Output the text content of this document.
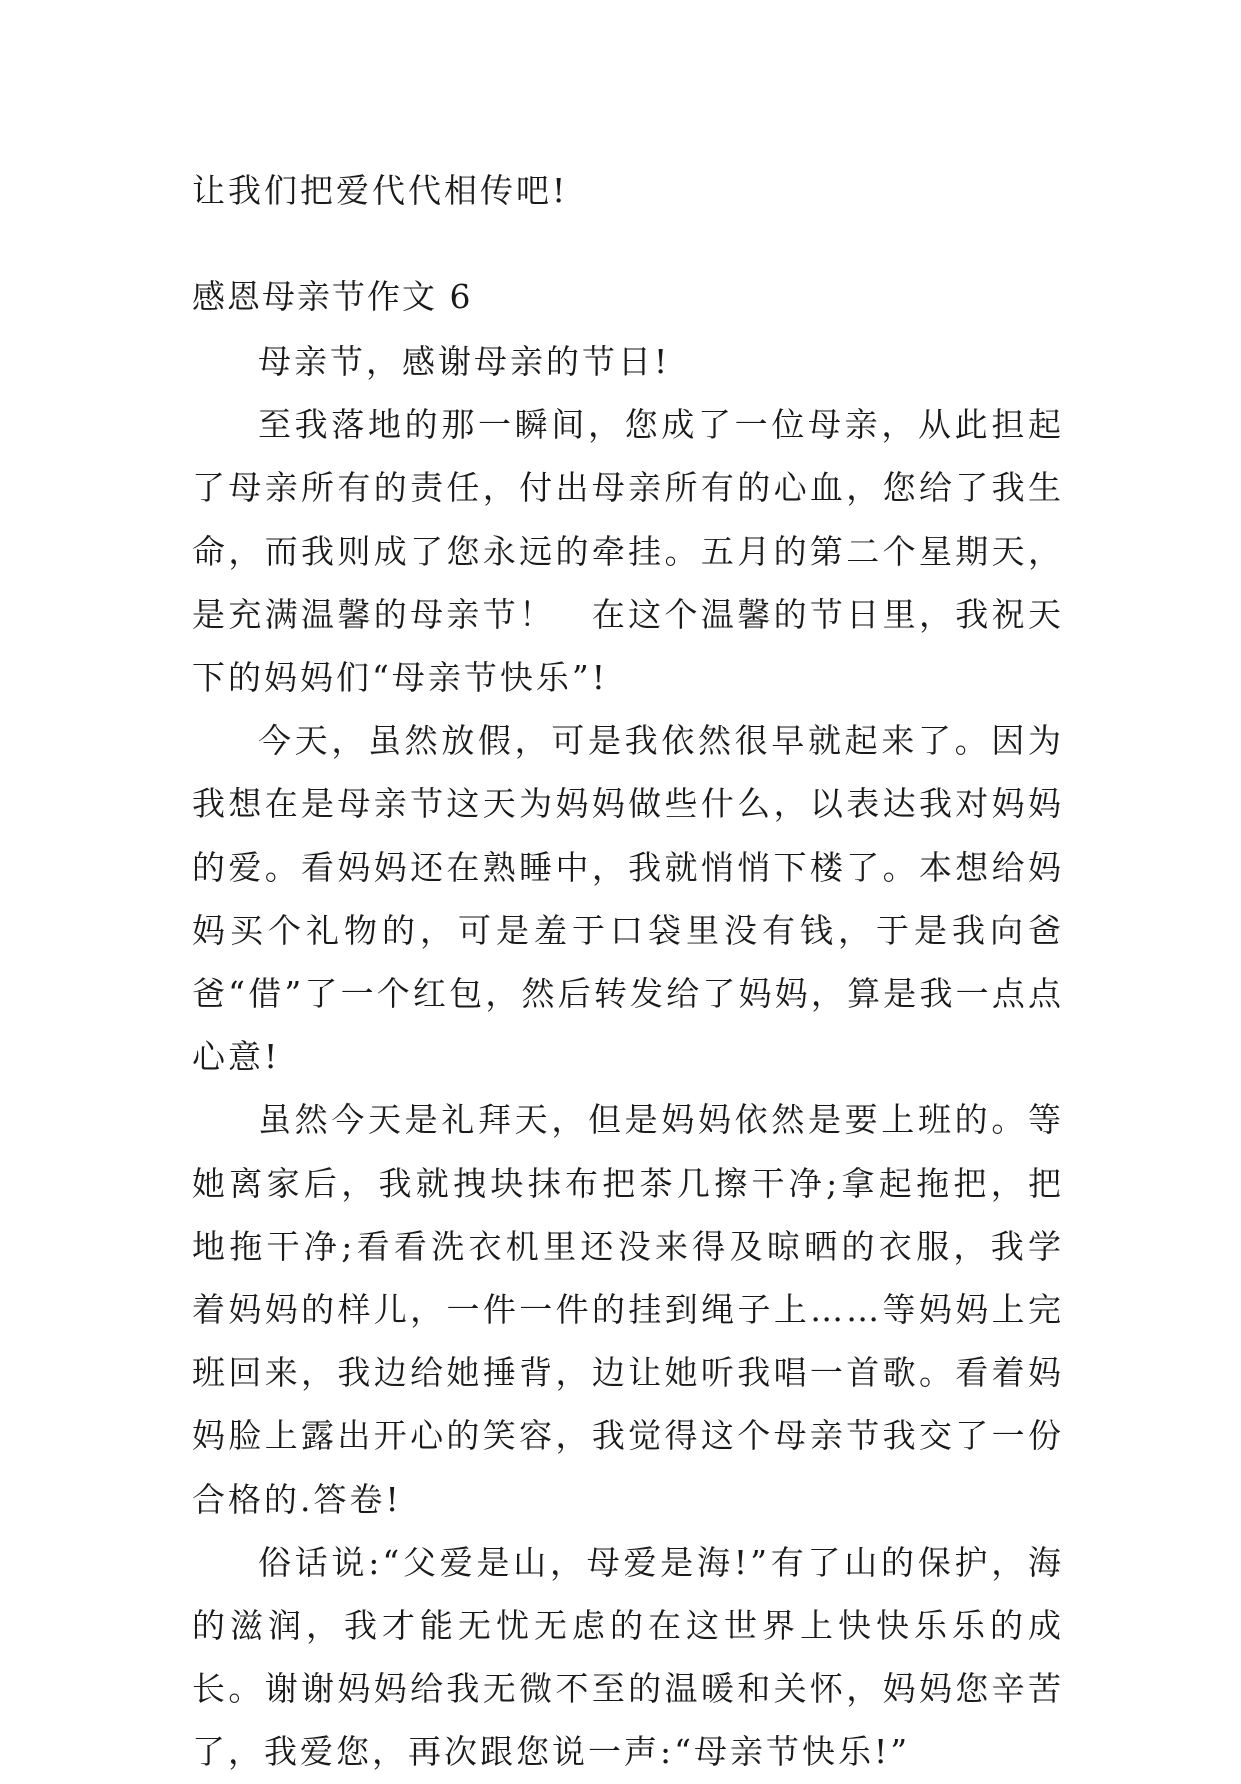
让我们把爱代代相传吧!

感恩母亲节作文 6

母亲节，感谢母亲的节日!

至我落地的那一瞬间，您成了一位母亲，从此担起了母亲所有的责任，付出母亲所有的心血，您给了我生命，而我则成了您永远的牵挂。五月的第二个星期天，是充满温馨的母亲节！　在这个温馨的节日里，我祝天下的妈妈们“母亲节快乐”!

今天，虽然放假，可是我依然很早就起来了。因为我想在是母亲节这天为妈妈做些什么，以表达我对妈妈的爱。看妈妈还在熟睡中，我就悄悄下楼了。本想给妈妈买个礼物的，可是羞于口袋里没有钱，于是我向爸爸“借”了一个红包，然后转发给了妈妈，算是我一点点心意!

虽然今天是礼拜天，但是妈妈依然是要上班的。等她离家后，我就拽块抹布把茶几擦干净;拿起拖把，把地拖干净;看看洗衣机里还没来得及晾晒的衣服，我学着妈妈的样儿，一件一件的挂到绳子上……等妈妈上完班回来，我边给她捶背，边让她听我唱一首歌。看着妈妈脸上露出开心的笑容，我觉得这个母亲节我交了一份合格的.答卷!

俗话说:“父爱是山，母爱是海!”有了山的保护，海的滋润，我才能无忧无虑的在这世界上快快乐乐的成长。谢谢妈妈给我无微不至的温暖和关怀，妈妈您辛苦了，我爱您，再次跟您说一声:“母亲节快乐!”
